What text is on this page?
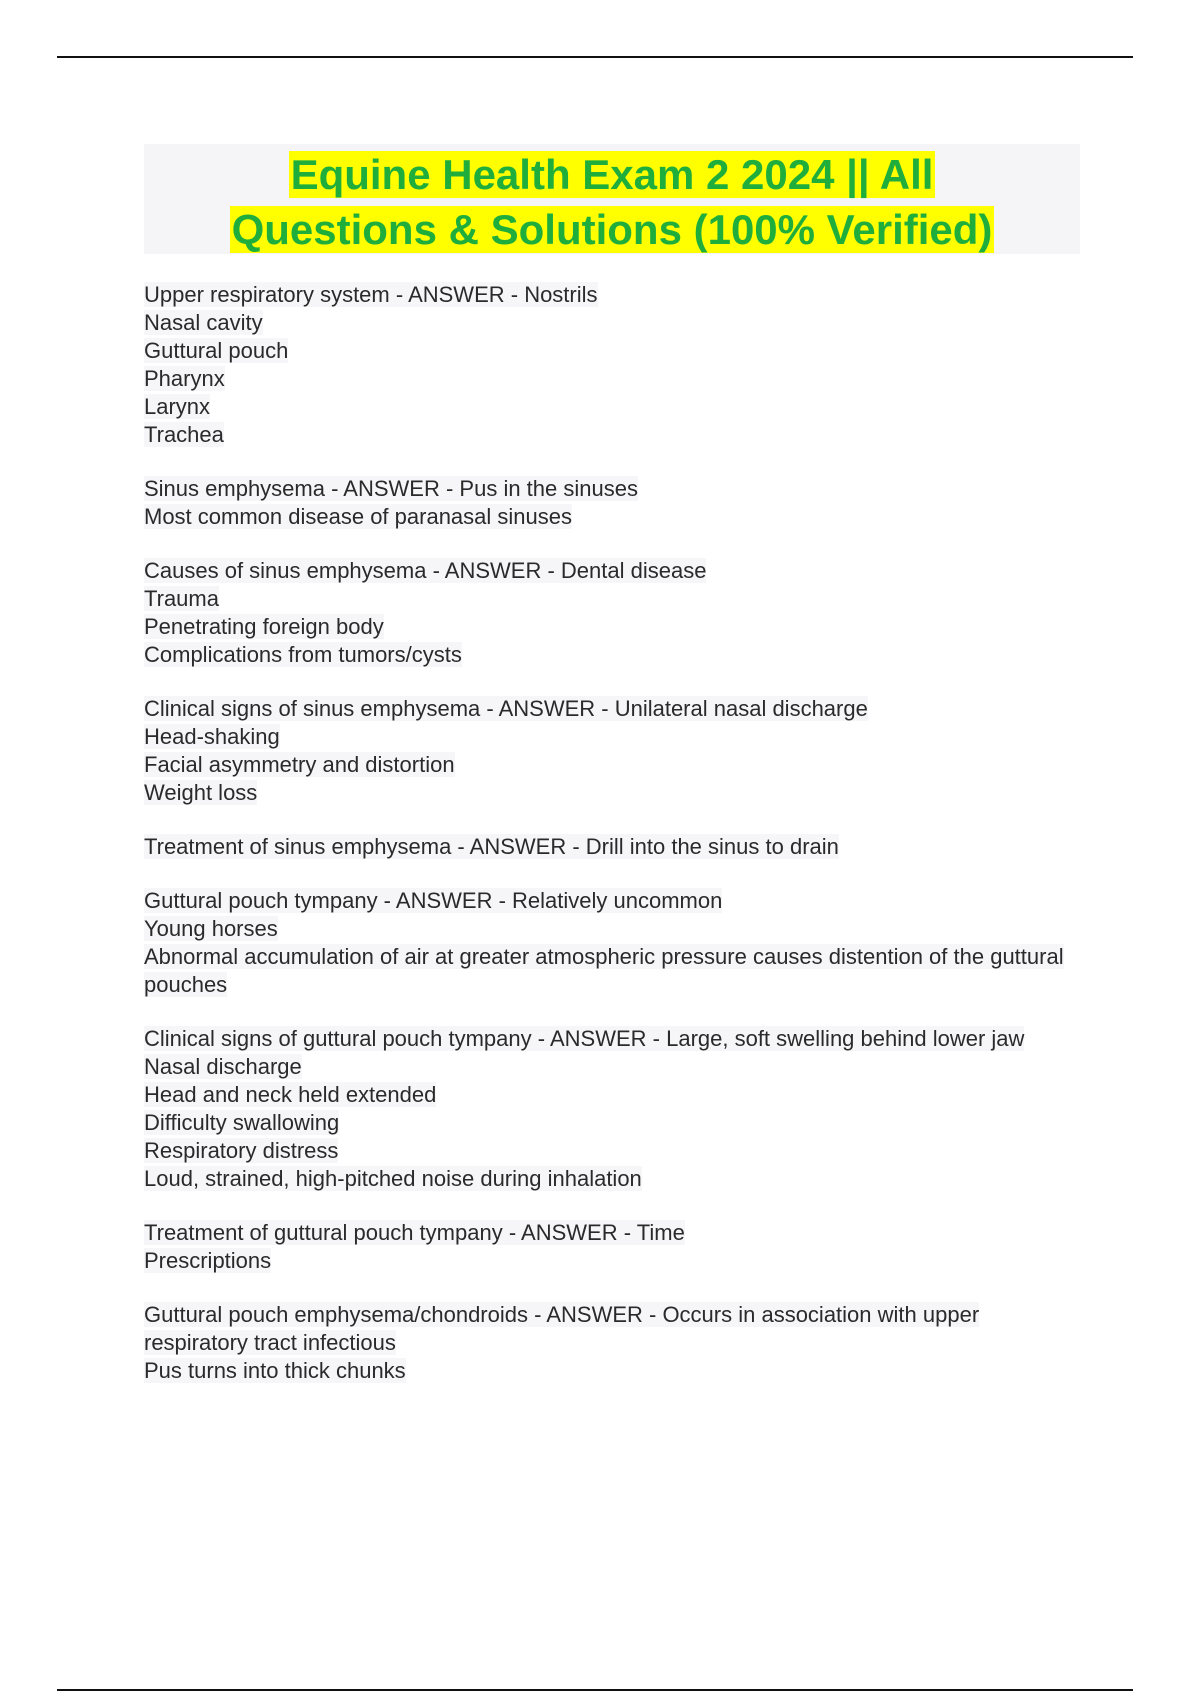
Equine Health Exam 2 2024 || All
Questions & Solutions (100% Verified)
Upper respiratory system - ANSWER - Nostrils
Nasal cavity
Guttural pouch
Pharynx
Larynx
Trachea
Sinus emphysema - ANSWER - Pus in the sinuses
Most common disease of paranasal sinuses
Causes of sinus emphysema - ANSWER - Dental disease
Trauma
Penetrating foreign body
Complications from tumors/cysts
Clinical signs of sinus emphysema - ANSWER - Unilateral nasal discharge
Head-shaking
Facial asymmetry and distortion
Weight loss
Treatment of sinus emphysema - ANSWER - Drill into the sinus to drain
Guttural pouch tympany - ANSWER - Relatively uncommon
Young horses
Abnormal accumulation of air at greater atmospheric pressure causes distention of the guttural pouches
Clinical signs of guttural pouch tympany - ANSWER - Large, soft swelling behind lower jaw
Nasal discharge
Head and neck held extended
Difficulty swallowing
Respiratory distress
Loud, strained, high-pitched noise during inhalation
Treatment of guttural pouch tympany - ANSWER - Time
Prescriptions
Guttural pouch emphysema/chondroids - ANSWER - Occurs in association with upper respiratory tract infectious
Pus turns into thick chunks
